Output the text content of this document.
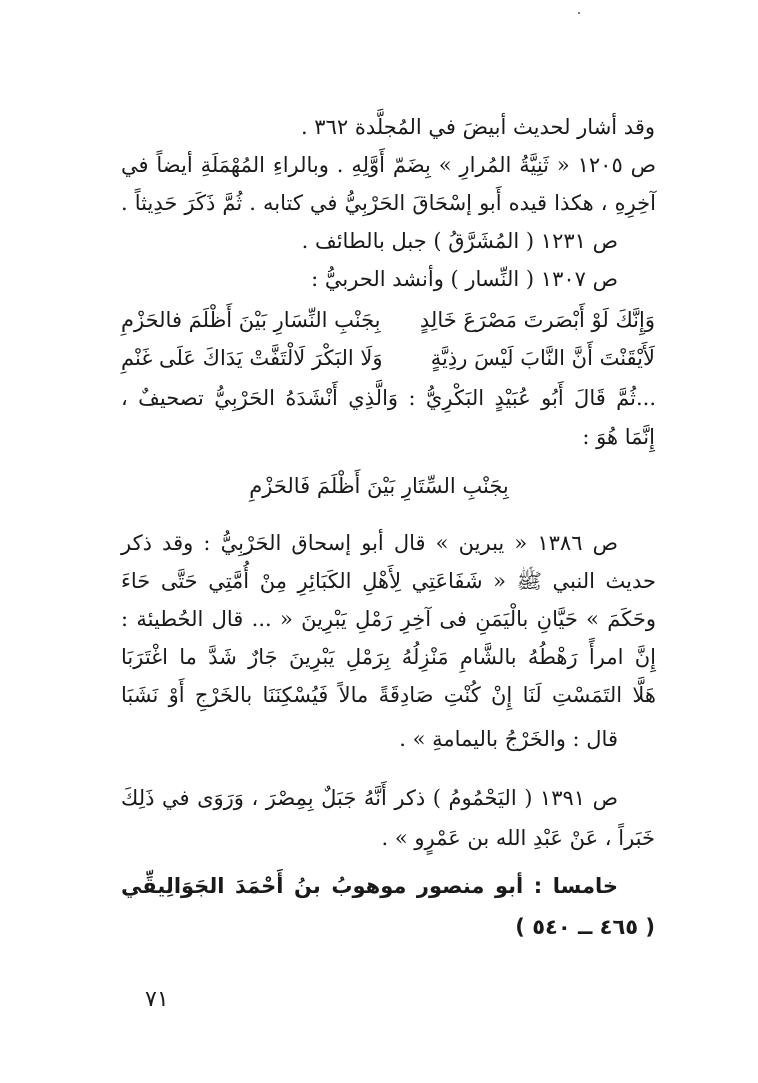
وقد أشار لحديث أبيضَ في المُجلَّدة ٣٦٢ .
ص ١٢٠٥ « ثَنِيَّةُ المُرارِ » بِضَمّ أَوَّلِهِ . وبالراءِ المُهْمَلَةِ أيضاً في
آخِرِهِ ، هكذا قيده أَبو إسْحَاقَ الحَرْبِيُّ في كتابه . ثُمَّ ذَكَرَ حَدِيثاً .
ص ١٢٣١ ( المُشَرَّقُ ) جبل بالطائف .
ص ١٣٠٧ ( النِّسار ) وأنشد الحربيُّ :
وَإِنَّكَ لَوْ أَبْصَرتَ مَصْرَعَ خَالِدٍ
بِجَنْبِ النِّسَارِ بَيْنَ أَظْلَمَ فالحَزْمِ
لَأَيْقَنْتَ أَنَّ النَّابَ لَيْسَ رذِيَّةٍ
وَلَا البَكْرَ لَالْتَفَّتْ يَدَاكَ عَلَى غَنْمِ
...ثُمَّ قَالَ أَبُو عُبَيْدٍ البَكْرِيُّ : وَالَّذِي أَنْشَدَهُ الحَرْبِيُّ تصحيفٌ ،
إِنَّمَا هُوَ :
بِجَنْبِ السِّتَارِ بَيْنَ أَظْلَمَ فَالحَزْمِ
ص ١٣٨٦ « يبرين » قال أبو إسحاق الحَرْبِيُّ : وقد ذكر
حديث النبي ﷺ « شَفَاعَتِي لِأَهْلِ الكَبَائِرِ مِنْ أُمَّتِي حَتَّى حَاءَ
وحَكَمَ » حَيَّانِ بالْيَمَنِ فى آخِرِ رَمْلِ يَبْرِينَ « ... قال الحُطيئة :
إِنَّ امرأً رَهْطُهُ بالشَّامِ مَنْزِلُهُ بِرَمْلِ يَبْرِينَ جَارٌ شَدَّ ما اغْتَرَبَا
هَلَّا التَمَسْتِ لَنَا إِنْ كُنْتِ صَادِقَةً مالاً فَيُسْكِنَنَا بالخَرْجِ أَوْ نَشَبَا
قال : والخَرْجُ باليمامةِ » .
ص ١٣٩١ ( اليَحْمُومُ ) ذكر أَنَّهُ جَبَلٌ بِمِصْرَ ، وَرَوَى في ذَلِكَ
خَبَراً ، عَنْ عَبْدِ الله بن عَمْرٍو » .
خامسا : أبو منصور موهوبُ بنُ أَحْمَدَ الجَوَالِيقِّي
( ٤٦٥ ــ ٥٤٠ )
٧١
